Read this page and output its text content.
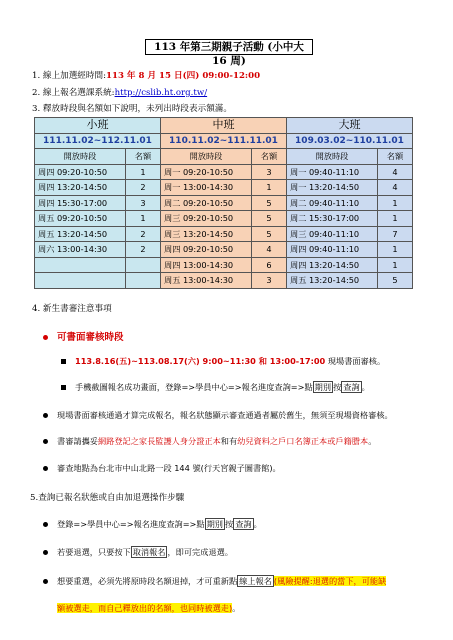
113 年第三期親子活動 (小中大 16 周)
1. 線上加選經時間:113 年 8 月 15 日(四) 09:00-12:00
2. 線上報名選課系統:http://cslib.ht.org.tw/
3. 釋放時段與名額如下說明，未列出時段表示額滿。
小班		中班		大班	
111.11.02~112.11.01		110.11.02~111.11.01		109.03.02~110.11.01	
開放時段	名額	開放時段	名額	開放時段	名額
周四 09:20-10:50	1	周一 09:20-10:50	3	周一 09:40-11:10	4
周四 13:20-14:50	2	周一 13:00-14:30	1	周一 13:20-14:50	4
周四 15:30-17:00	3	周二 09:20-10:50	5	周二 09:40-11:10	1
周五 09:20-10:50	1	周三 09:20-10:50	5	周二 15:30-17:00	1
周五 13:20-14:50	2	周三 13:20-14:50	5	周三 09:40-11:10	7
周六 13:00-14:30	2	周四 09:20-10:50	4	周四 09:40-11:10	1
		周四 13:00-14:30	6	周四 13:20-14:50	1
		周五 13:00-14:30	3	周五 13:20-14:50	5
4. 新生書審注意事項
可書面審核時段
113.8.16(五)~113.08.17(六) 9:00~11:30 和 13:00-17:00 現場書面審核。
手機截圖報名成功畫面，登錄=>學員中心=>報名進度查詢=>點 期別 按 查詢 。
現場書面審核通過才算完成報名，報名狀態顯示審查通過者屬於舊生，無須至現場資格審核。
書審請攜妥網路登記之家長監護人身分證正本和有幼兒資料之戶口名簿正本或戶籍謄本。
審查地點為台北市中山北路一段 144 號(行天宮親子圖書館)。
5.查詢已報名狀態或自由加退選操作步驟
登錄=>學員中心=>報名進度查詢=>點 期別 按 查詢 。
若要退選，只要按下 取消報名 ，即可完成退選。
想要重選，必須先將原時段名額退掉，才可重新點 線上報名 (風險提醒:退選的當下，可能缺
額被選走，而自己釋放出的名額，也同時被選走)。
